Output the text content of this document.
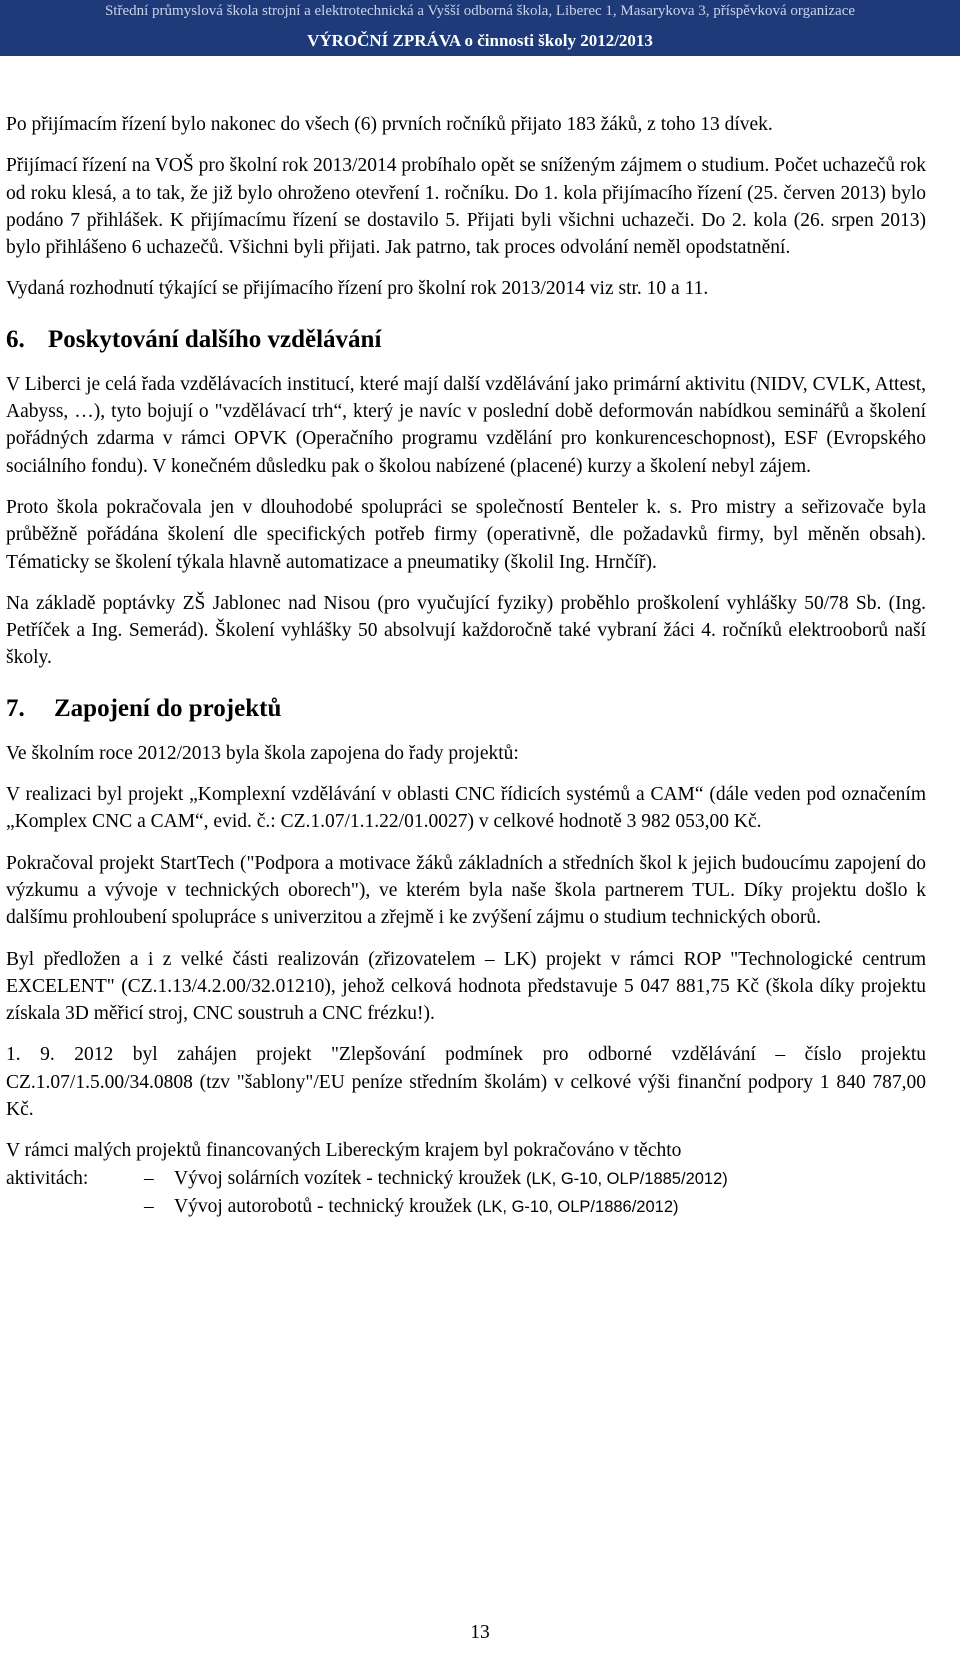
Střední průmyslová škola strojní a elektrotechnická a Vyšší odborná škola, Liberec 1, Masarykova 3, příspěvková organizace
VÝROČNÍ ZPRÁVA o činnosti školy 2012/2013

Po přijímacím řízení bylo nakonec do všech (6) prvních ročníků přijato 183 žáků, z toho 13 dívek.

Přijímací řízení na VOŠ pro školní rok 2013/2014 probíhalo opět se sníženým zájmem o studium. Počet uchazečů rok od roku klesá, a to tak, že již bylo ohroženo otevření 1. ročníku. Do 1. kola přijímacího řízení (25. červen 2013) bylo podáno 7 přihlášek. K přijímacímu řízení se dostavilo 5. Přijati byli všichni uchazeči. Do 2. kola (26. srpen 2013) bylo přihlášeno 6 uchazečů. Všichni byli přijati. Jak patrno, tak proces odvolání neměl opodstatnění.

Vydaná rozhodnutí týkající se přijímacího řízení pro školní rok 2013/2014 viz str. 10 a 11.

6. Poskytování dalšího vzdělávání

V Liberci je celá řada vzdělávacích institucí, které mají další vzdělávání jako primární aktivitu (NIDV, CVLK, Attest, Aabyss, …), tyto bojují o "vzdělávací trh“, který je navíc v poslední době deformován nabídkou seminářů a školení pořádných zdarma v rámci OPVK (Operačního programu vzdělání pro konkurenceschopnost), ESF (Evropského sociálního fondu). V konečném důsledku pak o školou nabízené (placené) kurzy a školení nebyl zájem.

Proto škola pokračovala jen v dlouhodobé spolupráci se společností Benteler k. s. Pro mistry a seřizovače byla průběžně pořádána školení dle specifických potřeb firmy (operativně, dle požadavků firmy, byl měněn obsah). Tématicky se školení týkala hlavně automatizace a pneumatiky (školil Ing. Hrnčíř).

Na základě poptávky ZŠ Jablonec nad Nisou (pro vyučující fyziky) proběhlo proškolení vyhlášky 50/78 Sb. (Ing. Petříček a Ing. Semerád). Školení vyhlášky 50 absolvují každoročně také vybraní žáci 4. ročníků elektrooborů naší školy.

7. Zapojení do projektů

Ve školním roce 2012/2013 byla škola zapojena do řady projektů:

V realizaci byl projekt „Komplexní vzdělávání v oblasti CNC řídicích systémů a CAM“ (dále veden pod označením „Komplex CNC a CAM“, evid. č.: CZ.1.07/1.1.22/01.0027) v celkové hodnotě 3 982 053,00 Kč.

Pokračoval projekt StartTech ("Podpora a motivace žáků základních a středních škol k jejich budoucímu zapojení do výzkumu a vývoje v technických oborech"), ve kterém byla naše škola partnerem TUL. Díky projektu došlo k dalšímu prohloubení spolupráce s univerzitou a zřejmě i ke zvýšení zájmu o studium technických oborů.

Byl předložen a i z velké části realizován (zřizovatelem – LK) projekt v rámci ROP "Technologické centrum EXCELENT" (CZ.1.13/4.2.00/32.01210), jehož celková hodnota představuje 5 047 881,75 Kč (škola díky projektu získala 3D měřicí stroj, CNC soustruh a CNC frézku!).

1. 9. 2012 byl zahájen projekt "Zlepšování podmínek pro odborné vzdělávání – číslo projektu CZ.1.07/1.5.00/34.0808 (tzv "šablony"/EU peníze středním školám) v celkové výši finanční podpory 1 840 787,00 Kč.

V rámci malých projektů financovaných Libereckým krajem byl pokračováno v těchto
aktivitách:	– Vývoj solárních vozítek - technický kroužek (LK, G-10, OLP/1885/2012)
– Vývoj autorobotů - technický kroužek (LK, G-10, OLP/1886/2012)
13
